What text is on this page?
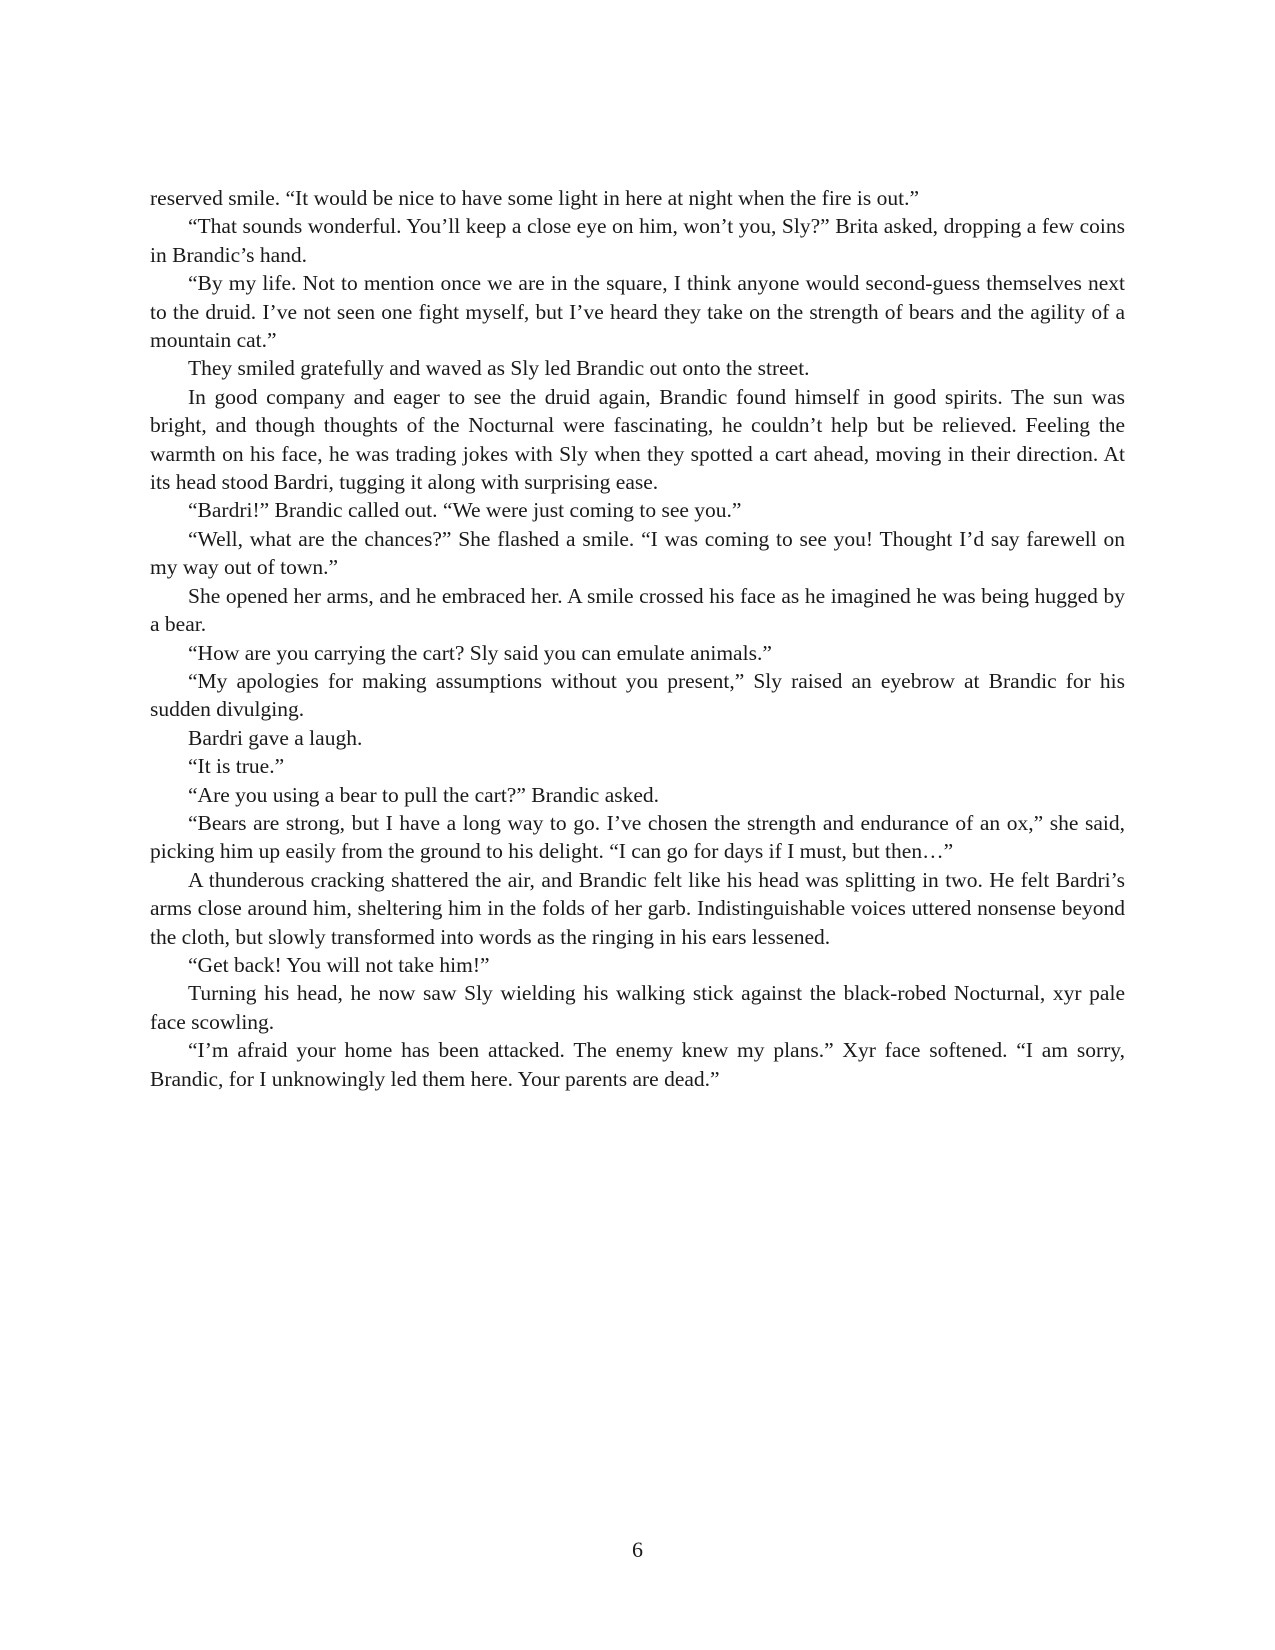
reserved smile. “It would be nice to have some light in here at night when the fire is out.”

“That sounds wonderful. You’ll keep a close eye on him, won’t you, Sly?” Brita asked, dropping a few coins in Brandic’s hand.

“By my life. Not to mention once we are in the square, I think anyone would second-guess themselves next to the druid. I’ve not seen one fight myself, but I’ve heard they take on the strength of bears and the agility of a mountain cat.”

They smiled gratefully and waved as Sly led Brandic out onto the street.

In good company and eager to see the druid again, Brandic found himself in good spirits. The sun was bright, and though thoughts of the Nocturnal were fascinating, he couldn’t help but be relieved. Feeling the warmth on his face, he was trading jokes with Sly when they spotted a cart ahead, moving in their direction. At its head stood Bardri, tugging it along with surprising ease.

“Bardri!” Brandic called out. “We were just coming to see you.”

“Well, what are the chances?” She flashed a smile. “I was coming to see you! Thought I’d say farewell on my way out of town.”

She opened her arms, and he embraced her. A smile crossed his face as he imagined he was being hugged by a bear.

“How are you carrying the cart? Sly said you can emulate animals.”

“My apologies for making assumptions without you present,” Sly raised an eyebrow at Brandic for his sudden divulging.

Bardri gave a laugh.

“It is true.”

“Are you using a bear to pull the cart?” Brandic asked.

“Bears are strong, but I have a long way to go. I’ve chosen the strength and endurance of an ox,” she said, picking him up easily from the ground to his delight. “I can go for days if I must, but then…”

A thunderous cracking shattered the air, and Brandic felt like his head was splitting in two. He felt Bardri’s arms close around him, sheltering him in the folds of her garb. Indistinguishable voices uttered nonsense beyond the cloth, but slowly transformed into words as the ringing in his ears lessened.

“Get back! You will not take him!”

Turning his head, he now saw Sly wielding his walking stick against the black-robed Nocturnal, xyr pale face scowling.

“I’m afraid your home has been attacked. The enemy knew my plans.” Xyr face softened. “I am sorry, Brandic, for I unknowingly led them here. Your parents are dead.”

6
